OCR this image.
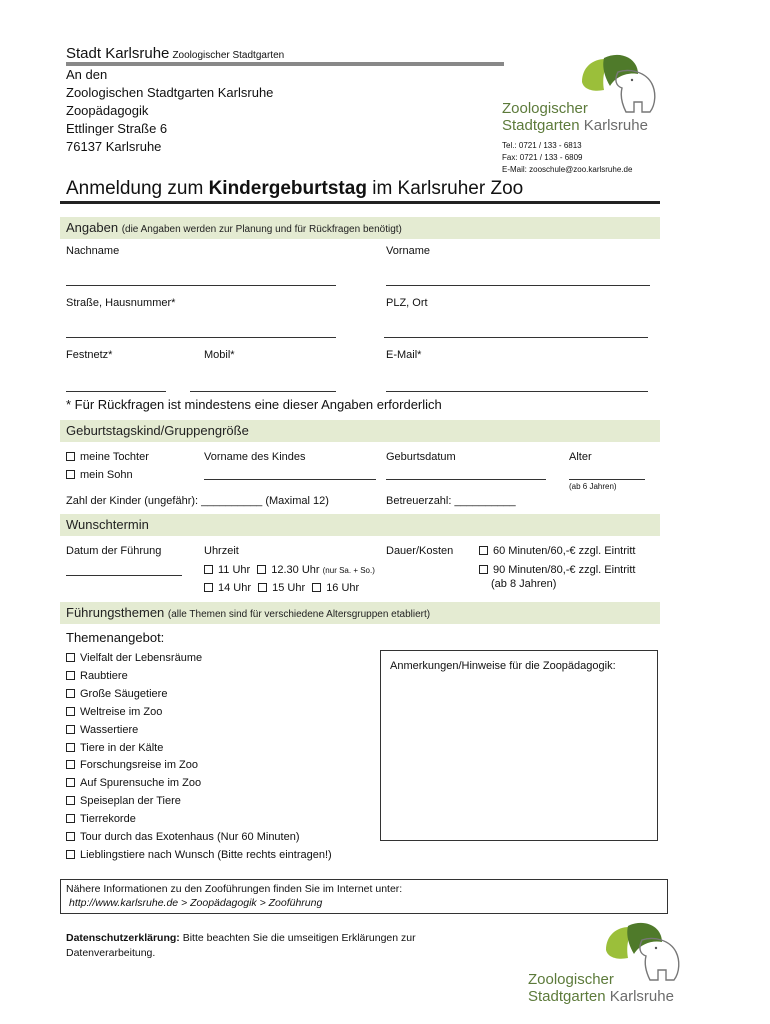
Stadt Karlsruhe Zoologischer Stadtgarten
An den
Zoologischen Stadtgarten Karlsruhe
Zoopädagogik
Ettlinger Straße 6
76137 Karlsruhe
Zoologischer
Stadtgarten Karlsruhe
Tel.: 0721 / 133 - 6813
Fax: 0721 / 133 - 6809
E-Mail: zooschule@zoo.karlsruhe.de
Anmeldung zum Kindergeburtstag im Karlsruher Zoo
Angaben (die Angaben werden zur Planung und für Rückfragen benötigt)
Nachname	Vorname
Straße, Hausnummer*	PLZ, Ort
Festnetz*	Mobil*	E-Mail*
* Für Rückfragen ist mindestens eine dieser Angaben erforderlich
Geburtstagskind/Gruppengröße
meine Tochter
mein Sohn
Vorname des Kindes	Geburtsdatum	Alter
(ab 6 Jahren)
Zahl der Kinder (ungefähr): __________ (Maximal 12)	Betreuerzahl: __________
Wunschtermin
Datum der Führung	Uhrzeit
11 Uhr 12.30 Uhr (nur Sa. + So.)
14 Uhr 15 Uhr 16 Uhr
Dauer/Kosten	60 Minuten/60,-€ zzgl. Eintritt
90 Minuten/80,-€ zzgl. Eintritt
(ab 8 Jahren)
Führungsthemen (alle Themen sind für verschiedene Altersgruppen etabliert)
Themenangebot:
Vielfalt der Lebensräume
Raubtiere
Große Säugetiere
Weltreise im Zoo
Wassertiere
Tiere in der Kälte
Forschungsreise im Zoo
Auf Spurensuche im Zoo
Speiseplan der Tiere
Tierrekorde
Tour durch das Exotenhaus (Nur 60 Minuten)
Lieblingstiere nach Wunsch (Bitte rechts eintragen!)
Anmerkungen/Hinweise für die Zoopädagogik:
Nähere Informationen zu den Zooführungen finden Sie im Internet unter:
http://www.karlsruhe.de > Zoopädagogik > Zooführung
Datenschutzerklärung: Bitte beachten Sie die umseitigen Erklärungen zur
Datenverarbeitung.
Zoologischer
Stadtgarten Karlsruhe
